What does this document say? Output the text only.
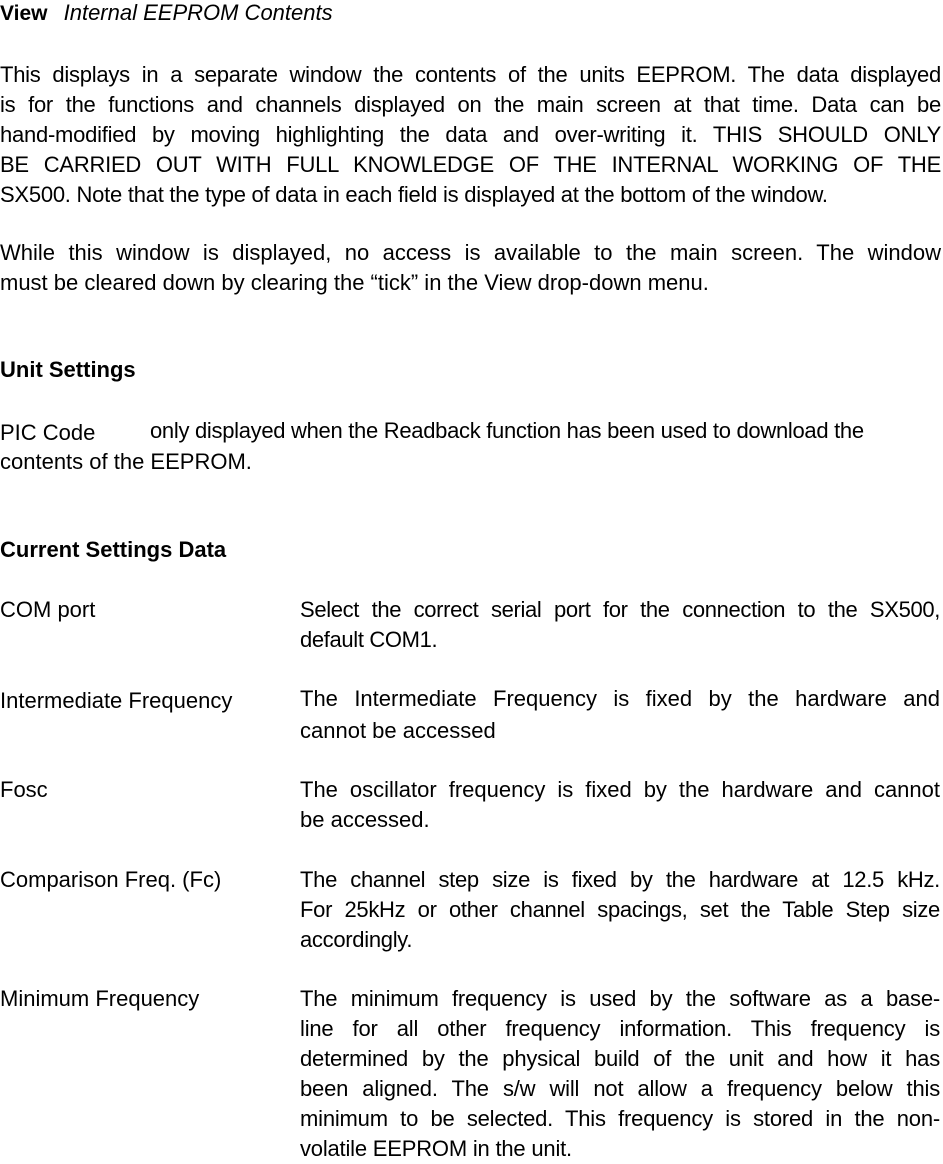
View Internal EEPROM Contents

This displays in a separate window the contents of the units EEPROM. The data displayed
is for the functions and channels displayed on the main screen at that time. Data can be
hand-modified by moving highlighting the data and over-writing it. THIS SHOULD ONLY
BE CARRIED OUT WITH FULL KNOWLEDGE OF THE INTERNAL WORKING OF THE
SX500. Note that the type of data in each field is displayed at the bottom of the window.

While this window is displayed, no access is available to the main screen. The window
must be cleared down by clearing the “tick” in the View drop-down menu.

Unit Settings
PIC Code only displayed when the Readback function has been used to download the
contents of the EEPROM.
Current Settings Data
COM port	Select the correct serial port for the connection to the SX500,
default COM1.
Intermediate Frequency	The Intermediate Frequency is fixed by the hardware and
cannot be accessed
Fosc	The oscillator frequency is fixed by the hardware and cannot
be accessed.
Comparison Freq. (Fc)	The channel step size is fixed by the hardware at 12.5 kHz.
For 25kHz or other channel spacings, set the Table Step size
accordingly.
Minimum Frequency	The minimum frequency is used by the software as a base-
line for all other frequency information. This frequency is
determined by the physical build of the unit and how it has
been aligned. The s/w will not allow a frequency below this
minimum to be selected. This frequency is stored in the non-
volatile EEPROM in the unit.
